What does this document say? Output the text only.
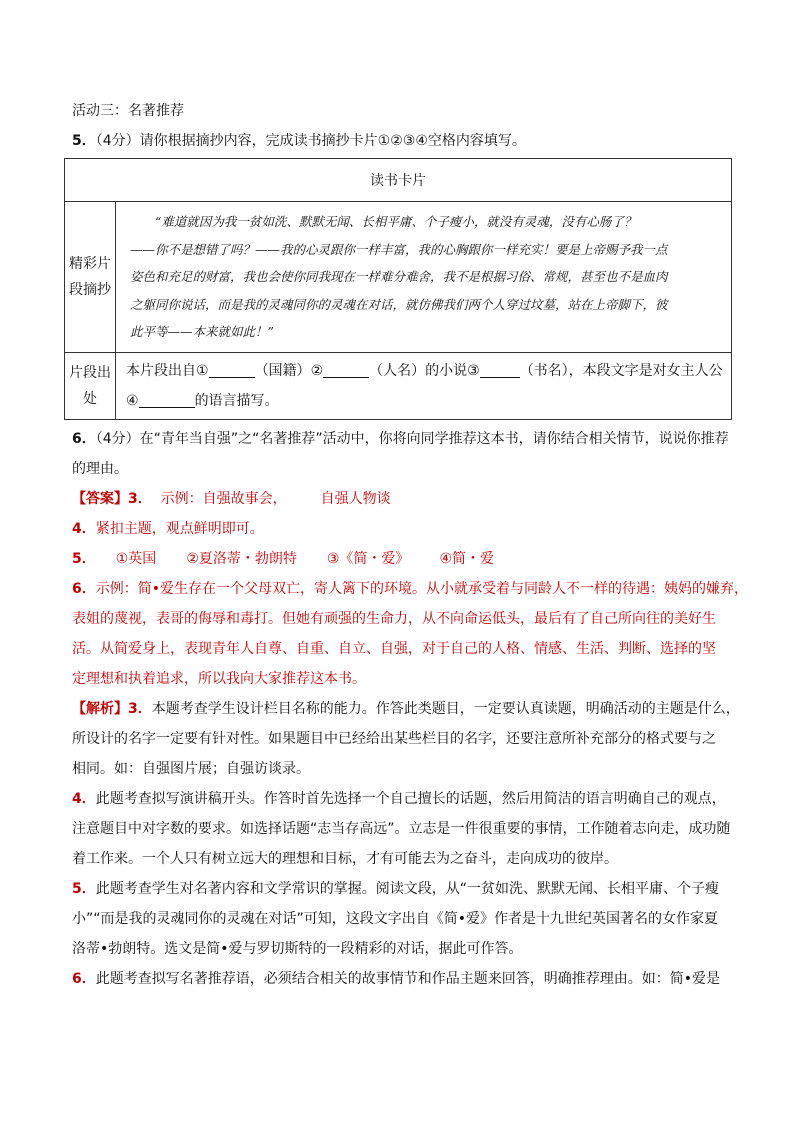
活动三：名著推荐
5．（4分）请你根据摘抄内容，完成读书摘抄卡片①②③④空格内容填写。
读书卡片	
精彩片段摘抄	“难道就因为我一贫如洗、默默无闻、长相平庸、个子瘦小，就没有灵魂，没有心肠了？

——你不是想错了吗？——我的心灵跟你一样丰富，我的心胸跟你一样充实！要是上帝赐予我一点

姿色和充足的财富，我也会使你同我现在一样难分难舍，我不是根据习俗、常规，甚至也不是血肉

之躯同你说话，而是我的灵魂同你的灵魂在对话，就仿佛我们两个人穿过坟墓，站在上帝脚下，彼

此平等——本来就如此！”

片段出处	本片段出自① （国籍）② （人名）的小说③ （书名），本段文字是对女主人公
④ 的语言描写。
6．（4分）在“青年当自强”之“名著推荐”活动中，你将向同学推荐这本书，请你结合相关情节，说说你推荐
的理由。
【答案】3． 示例：自强故事会， 自强人物谈
4．紧扣主题，观点鲜明即可。
5． ①英国 ②夏洛蒂・勃朗特 ③《简・爱》 ④简・爱
6．示例：简•爱生存在一个父母双亡，寄人篱下的环境。从小就承受着与同龄人不一样的待遇：姨妈的嫌弃，
表姐的蔑视，表哥的侮辱和毒打。但她有顽强的生命力，从不向命运低头，最后有了自己所向往的美好生
活。从简爱身上，表现青年人自尊、自重、自立、自强，对于自己的人格、情感、生活、判断、选择的坚
定理想和执着追求，所以我向大家推荐这本书。
【解析】3．本题考查学生设计栏目名称的能力。作答此类题目，一定要认真读题，明确活动的主题是什么，
所设计的名字一定要有针对性。如果题目中已经给出某些栏目的名字，还要注意所补充部分的格式要与之
相同。如：自强图片展；自强访谈录。
4．此题考查拟写演讲稿开头。作答时首先选择一个自己擅长的话题，然后用简洁的语言明确自己的观点，
注意题目中对字数的要求。如选择话题“志当存高远”。立志是一件很重要的事情，工作随着志向走，成功随
着工作来。一个人只有树立远大的理想和目标，才有可能去为之奋斗，走向成功的彼岸。
5．此题考查学生对名著内容和文学常识的掌握。阅读文段，从“一贫如洗、默默无闻、长相平庸、个子瘦
小”“而是我的灵魂同你的灵魂在对话”可知，这段文字出自《简•爱》作者是十九世纪英国著名的女作家夏
洛蒂•勃朗特。选文是简•爱与罗切斯特的一段精彩的对话，据此可作答。
6．此题考查拟写名著推荐语，必须结合相关的故事情节和作品主题来回答，明确推荐理由。如：简•爱是
